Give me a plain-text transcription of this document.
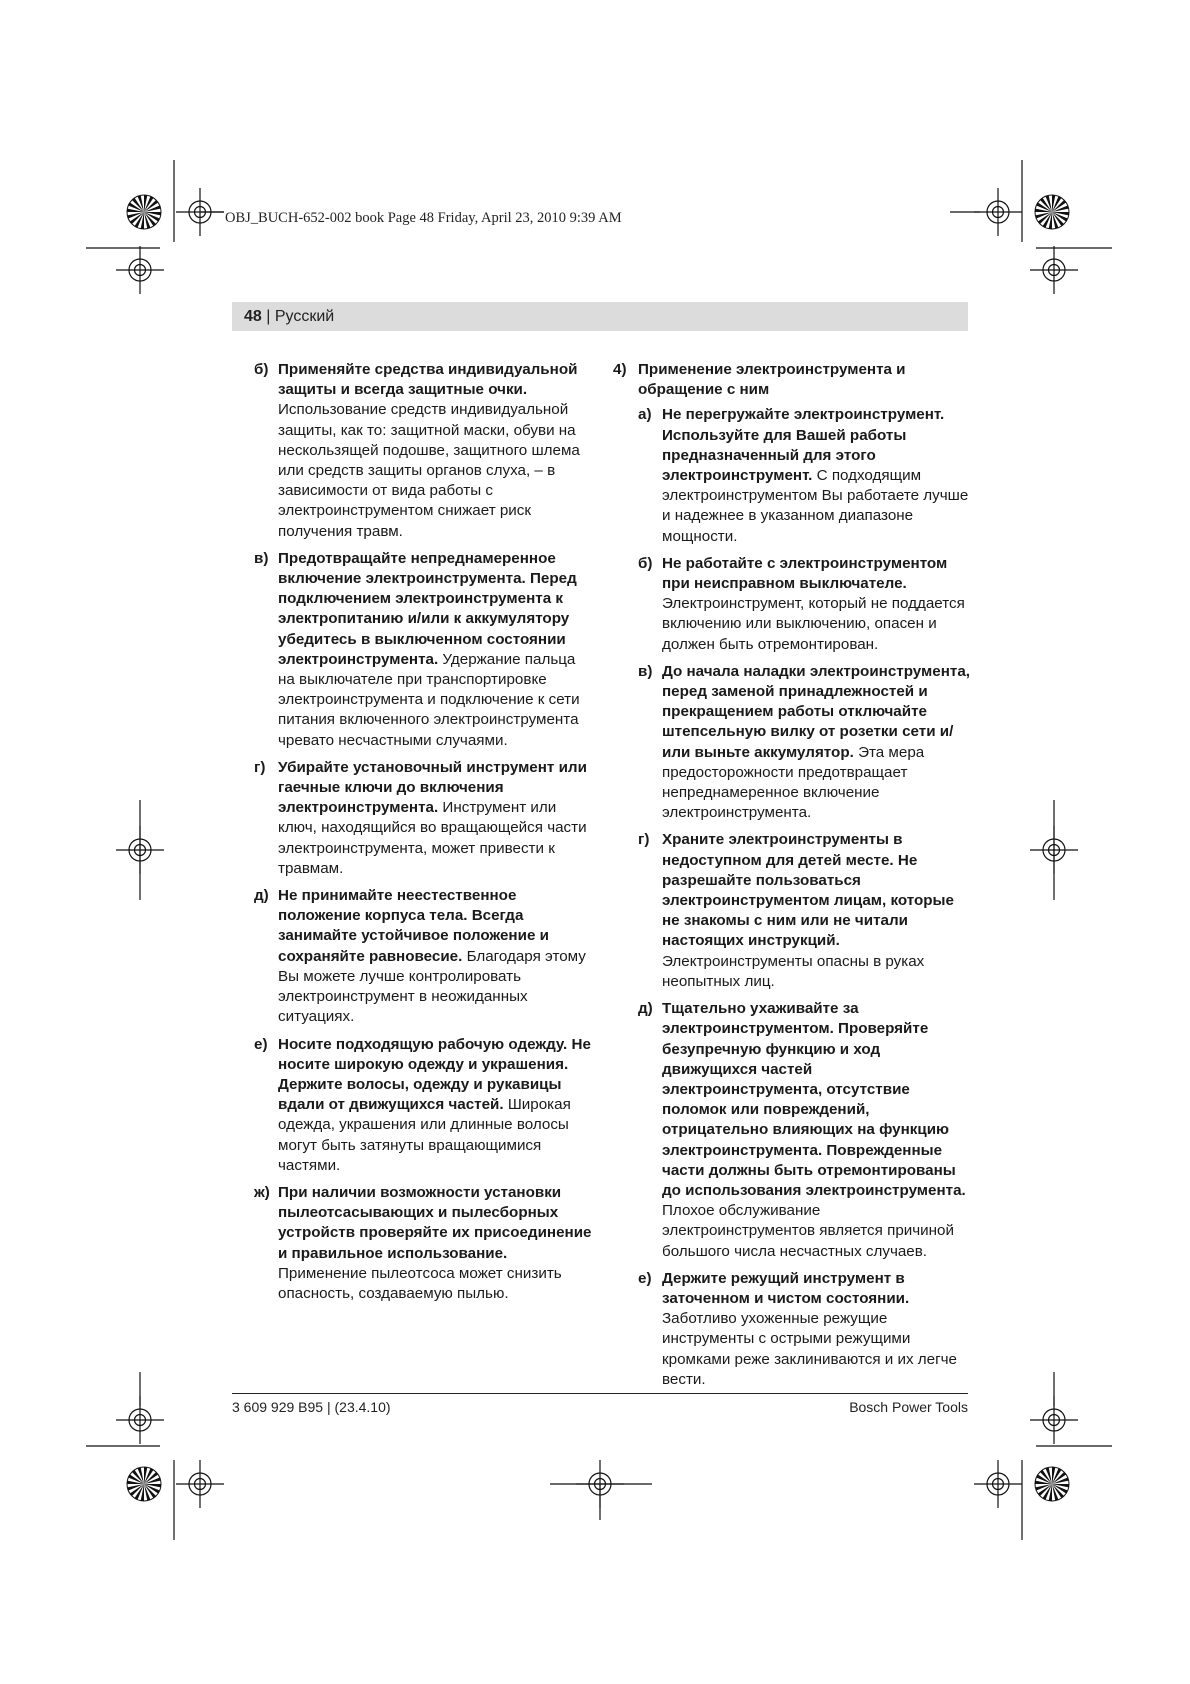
OBJ_BUCH-652-002 book Page 48 Friday, April 23, 2010 9:39 AM
48 | Русский
б) Применяйте средства индивидуальной защиты и всегда защитные очки. Использование средств индивидуальной защиты, как то: защитной маски, обуви на нескользящей подошве, защитного шлема или средств защиты органов слуха, – в зависимости от вида работы с электроинструментом снижает риск получения травм.
в) Предотвращайте непреднамеренное включение электроинструмента. Перед подключением электроинструмента к электропитанию и/или к аккумулятору убедитесь в выключенном состоянии электроинструмента. Удержание пальца на выключателе при транспортировке электроинструмента и подключение к сети питания включенного электроинструмента чревато несчастными случаями.
г) Убирайте установочный инструмент или гаечные ключи до включения электроинструмента. Инструмент или ключ, находящийся во вращающейся части электроинструмента, может привести к травмам.
д) Не принимайте неестественное положение корпуса тела. Всегда занимайте устойчивое положение и сохраняйте равновесие. Благодаря этому Вы можете лучше контролировать электроинструмент в неожиданных ситуациях.
е) Носите подходящую рабочую одежду. Не носите широкую одежду и украшения. Держите волосы, одежду и рукавицы вдали от движущихся частей. Широкая одежда, украшения или длинные волосы могут быть затянуты вращающимися частями.
ж) При наличии возможности установки пылеотсасывающих и пылесборных устройств проверяйте их присоединение и правильное использование. Применение пылеотсоса может снизить опасность, создаваемую пылью.
4) Применение электроинструмента и обращение с ним
а) Не перегружайте электроинструмент. Используйте для Вашей работы предназначенный для этого электроинструмент. С подходящим электроинструментом Вы работаете лучше и надежнее в указанном диапазоне мощности.
б) Не работайте с электроинструментом при неисправном выключателе. Электроинструмент, который не поддается включению или выключению, опасен и должен быть отремонтирован.
в) До начала наладки электроинструмента, перед заменой принадлежностей и прекращением работы отключайте штепсельную вилку от розетки сети и/или выньте аккумулятор. Эта мера предосторожности предотвращает непреднамеренное включение электроинструмента.
г) Храните электроинструменты в недоступном для детей месте. Не разрешайте пользоваться электроинструментом лицам, которые не знакомы с ним или не читали настоящих инструкций. Электроинструменты опасны в руках неопытных лиц.
д) Тщательно ухаживайте за электроинструментом. Проверяйте безупречную функцию и ход движущихся частей электроинструмента, отсутствие поломок или повреждений, отрицательно влияющих на функцию электроинструмента. Поврежденные части должны быть отремонтированы до использования электроинструмента. Плохое обслуживание электроинструментов является причиной большого числа несчастных случаев.
е) Держите режущий инструмент в заточенном и чистом состоянии. Заботливо ухоженные режущие инструменты с острыми режущими кромками реже заклиниваются и их легче вести.
3 609 929 B95 | (23.4.10)	Bosch Power Tools
